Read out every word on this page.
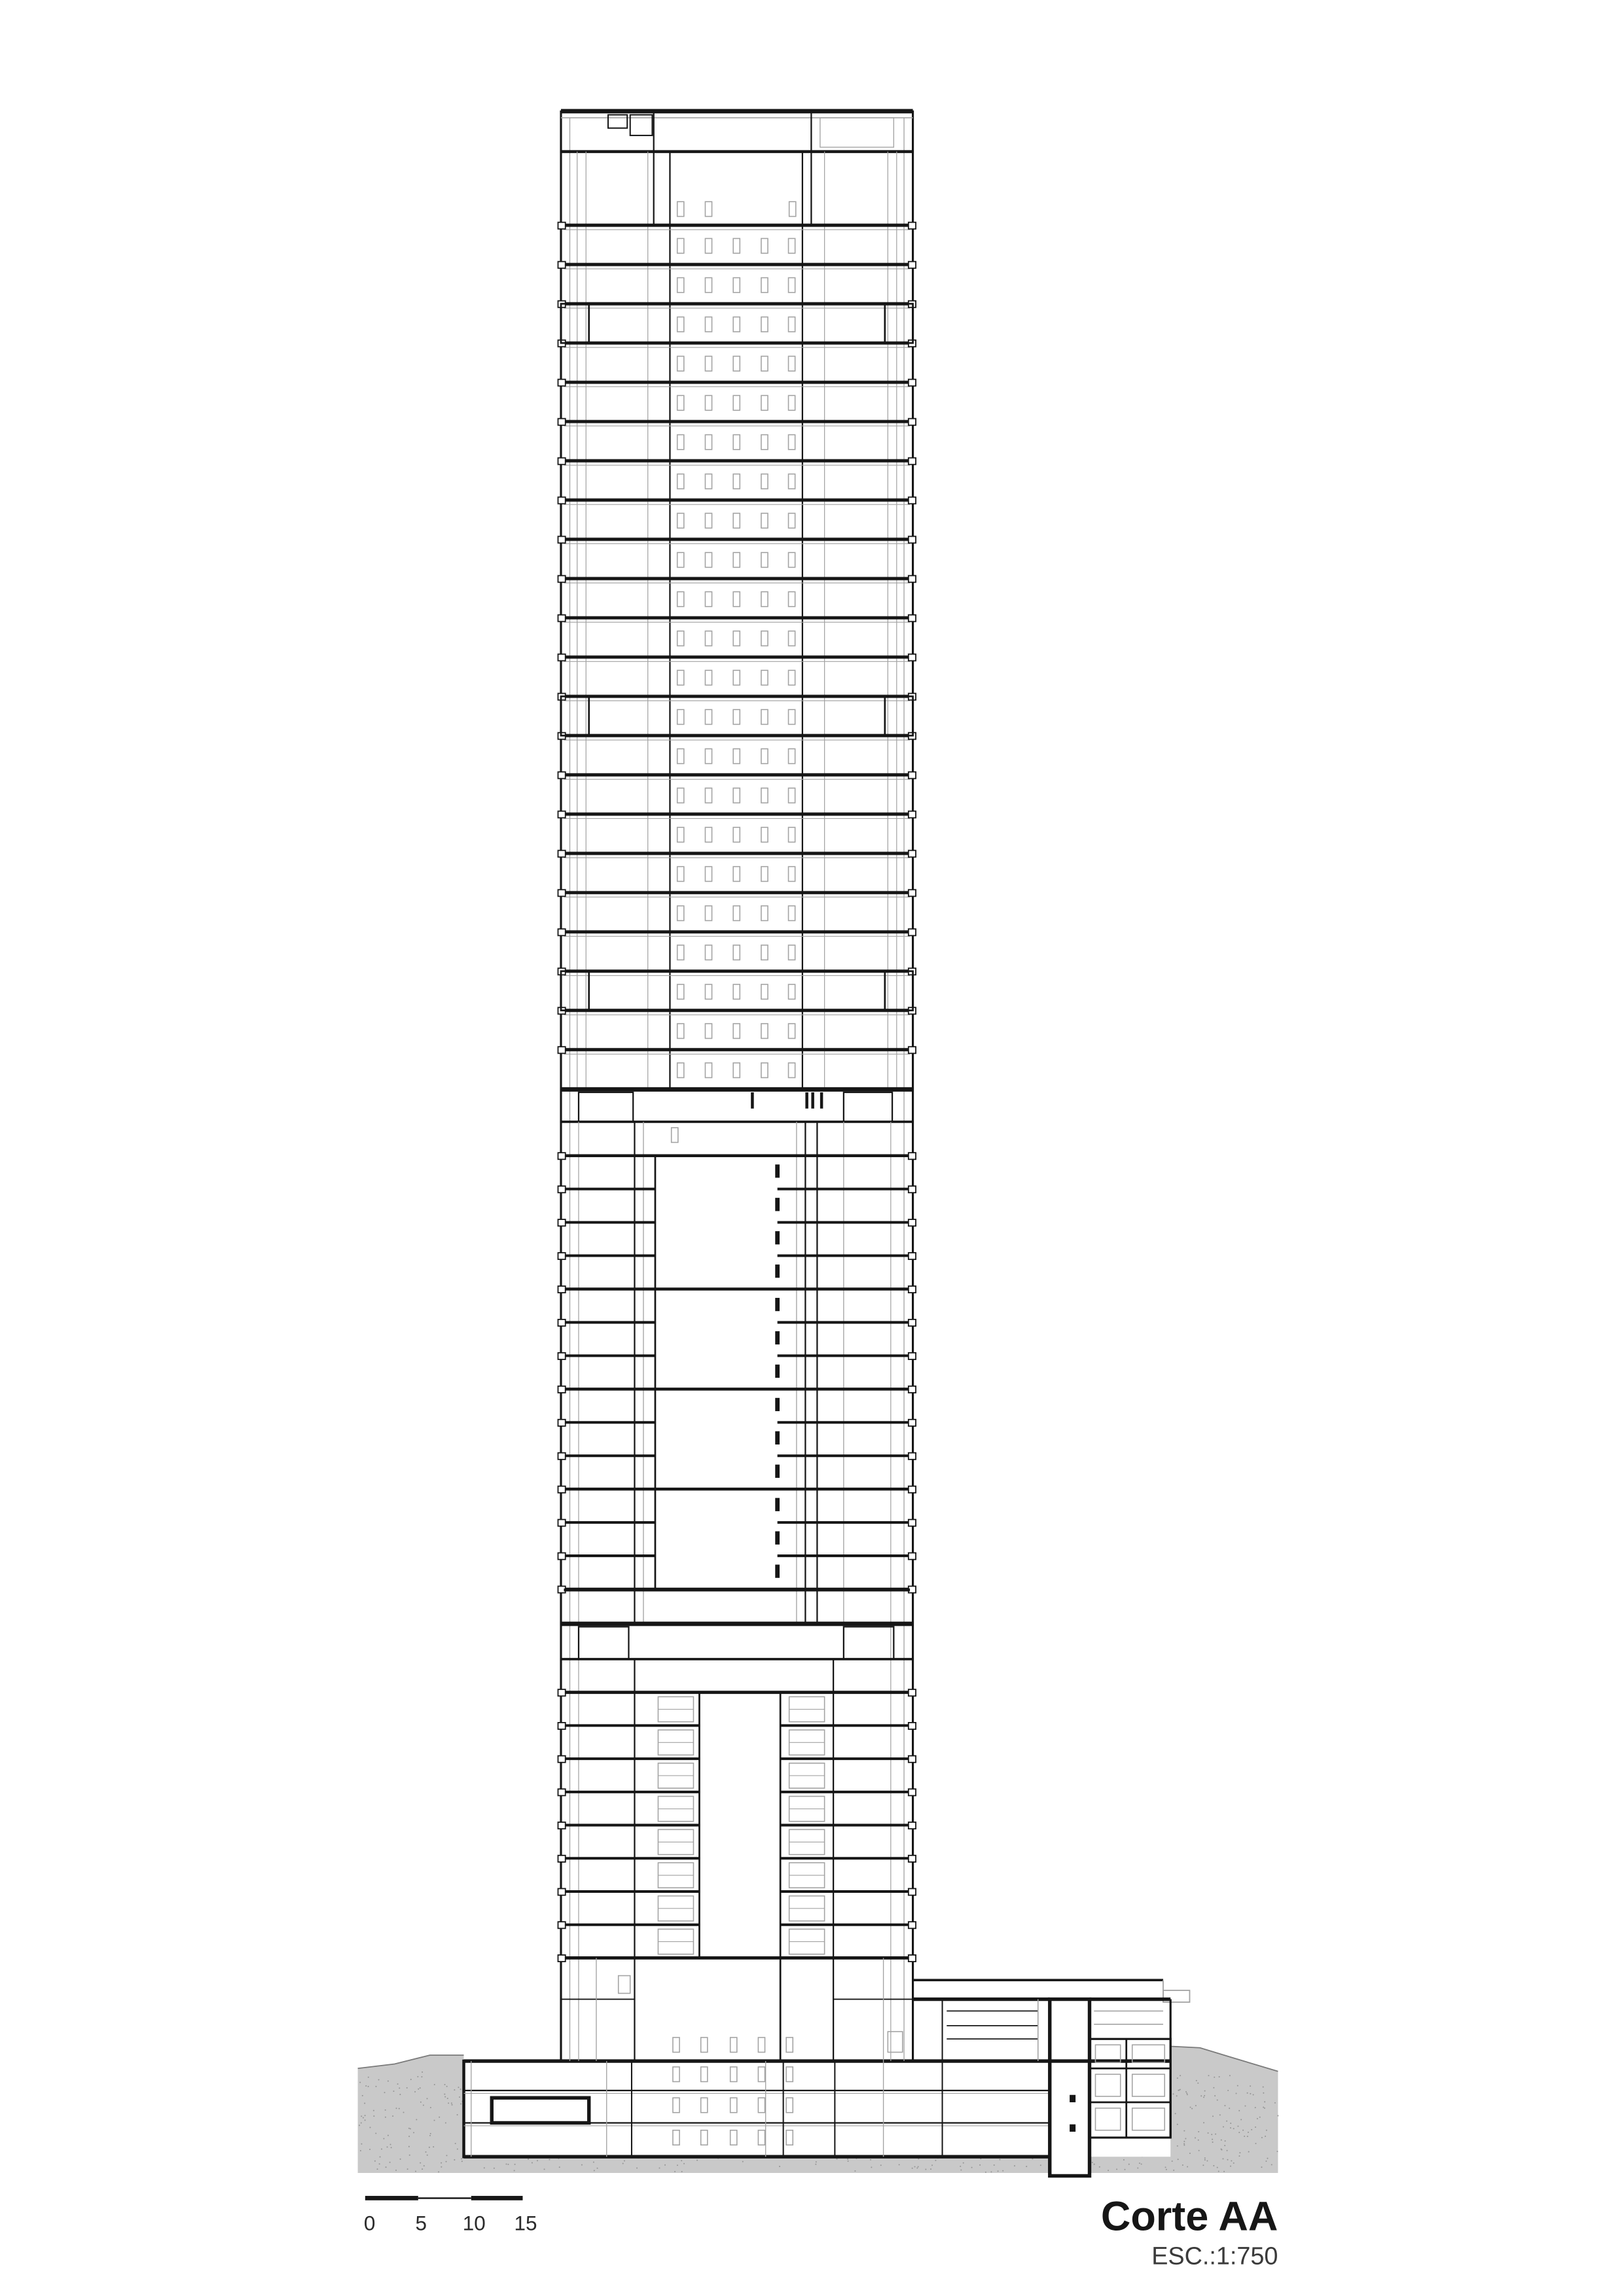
0	5	10	15	Corte AA
ESC.:1:750
